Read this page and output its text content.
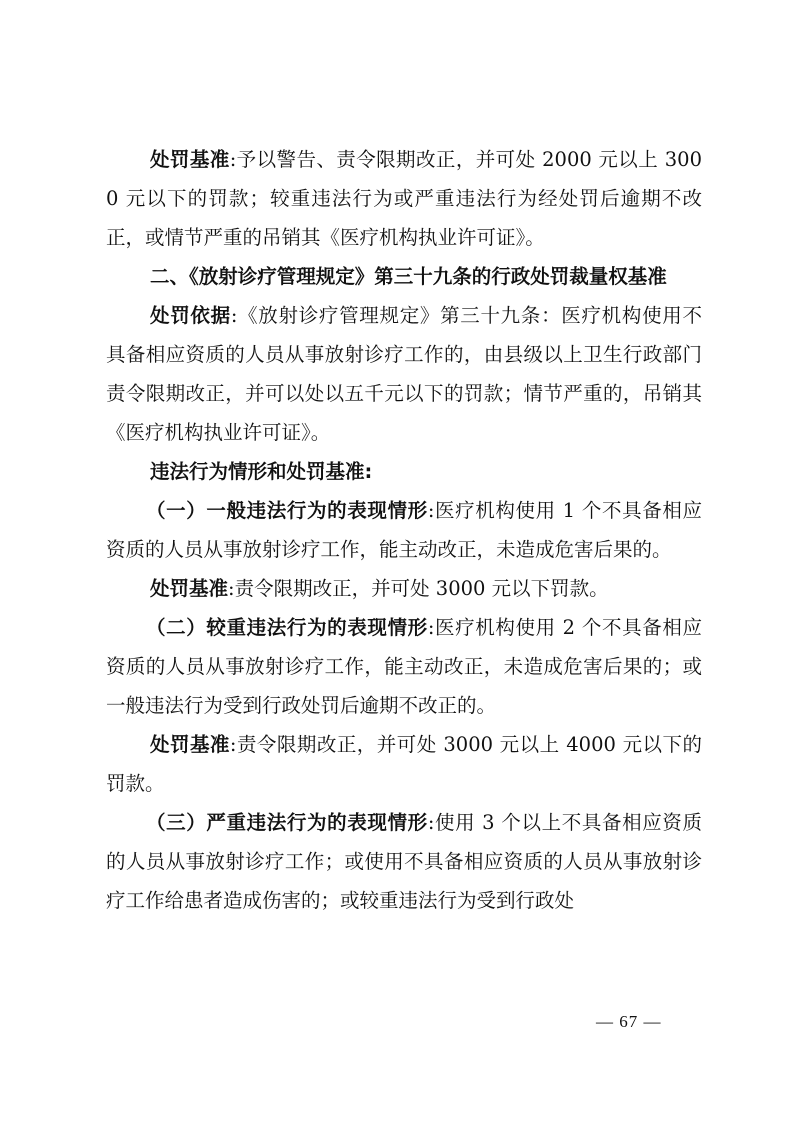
处罚基准:予以警告、责令限期改正，并可处 2000 元以上 3000 元以下的罚款；较重违法行为或严重违法行为经处罚后逾期不改正，或情节严重的吊销其《医疗机构执业许可证》。

二、《放射诊疗管理规定》第三十九条的行政处罚裁量权基准

处罚依据:《放射诊疗管理规定》第三十九条：医疗机构使用不具备相应资质的人员从事放射诊疗工作的，由县级以上卫生行政部门责令限期改正，并可以处以五千元以下的罚款；情节严重的，吊销其《医疗机构执业许可证》。

违法行为情形和处罚基准:

（一）一般违法行为的表现情形:医疗机构使用 1 个不具备相应资质的人员从事放射诊疗工作，能主动改正，未造成危害后果的。

处罚基准:责令限期改正，并可处 3000 元以下罚款。

（二）较重违法行为的表现情形:医疗机构使用 2 个不具备相应资质的人员从事放射诊疗工作，能主动改正，未造成危害后果的；或一般违法行为受到行政处罚后逾期不改正的。

处罚基准:责令限期改正，并可处 3000 元以上 4000 元以下的罚款。

（三）严重违法行为的表现情形:使用 3 个以上不具备相应资质的人员从事放射诊疗工作；或使用不具备相应资质的人员从事放射诊疗工作给患者造成伤害的；或较重违法行为受到行政处

— 67 —
